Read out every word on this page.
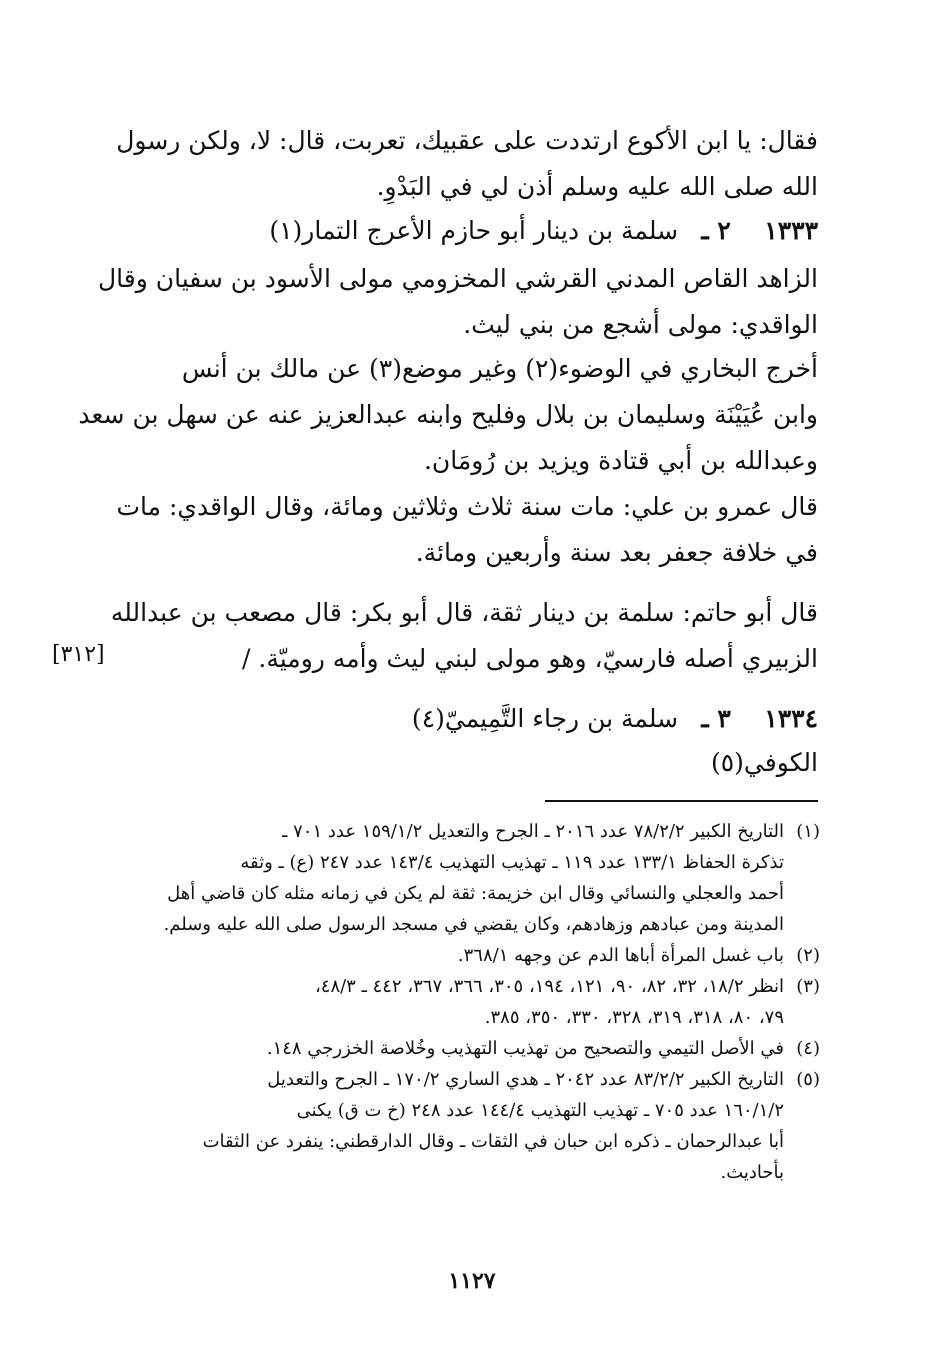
فقال: يا ابن الأكوع ارتددت على عقبيك، تعربت، قال: لا، ولكن رسول
الله صلى الله عليه وسلم أذن لي في البَدْوِ.
١٣٣٣ ٢ ـ سلمة بن دينار أبو حازم الأعرج التمار(١)
الزاهد القاص المدني القرشي المخزومي مولى الأسود بن سفيان وقال
الواقدي: مولى أشجع من بني ليث.
أخرج البخاري في الوضوء(٢) وغير موضع(٣) عن مالك بن أنس
وابن عُيَيْنَة وسليمان بن بلال وفليح وابنه عبدالعزيز عنه عن سهل بن سعد
وعبدالله بن أبي قتادة ويزيد بن رُومَان.
قال عمرو بن علي: مات سنة ثلاث وثلاثين ومائة، وقال الواقدي: مات
في خلافة جعفر بعد سنة وأربعين ومائة.
قال أبو حاتم: سلمة بن دينار ثقة، قال أبو بكر: قال مصعب بن عبدالله
الزبيري أصله فارسيّ، وهو مولى لبني ليث وأمه روميّة. /
[٣١٢]
١٣٣٤ ٣ ـ سلمة بن رجاء التَّمِيميّ(٤)
الكوفي(٥)
(١)
التاريخ الكبير ٧٨/٢/٢ عدد ٢٠١٦ ـ الجرح والتعديل ١٥٩/١/٢ عدد ٧٠١ ـ
تذكرة الحفاظ ١٣٣/١ عدد ١١٩ ـ تهذيب التهذيب ١٤٣/٤ عدد ٢٤٧ (ع) ـ وثقه
أحمد والعجلي والنسائي وقال ابن خزيمة: ثقة لم يكن في زمانه مثله كان قاضي أهل
المدينة ومن عبادهم وزهادهم، وكان يقضي في مسجد الرسول صلى الله عليه وسلم.
(٢)
باب غسل المرأة أباها الدم عن وجهه ٣٦٨/١.
(٣)
انظر ١٨/٢، ٣٢، ٨٢، ٩٠، ١٢١، ١٩٤، ٣٠٥، ٣٦٦، ٣٦٧، ٤٤٢ ـ ٤٨/٣،
٧٩، ٨٠، ٣١٨، ٣١٩، ٣٢٨، ٣٣٠، ٣٥٠، ٣٨٥.
(٤)
في الأصل التيمي والتصحيح من تهذيب التهذيب وخُلاصة الخزرجي ١٤٨.
(٥)
التاريخ الكبير ٨٣/٢/٢ عدد ٢٠٤٢ ـ هدي الساري ١٧٠/٢ ـ الجرح والتعديل
١٦٠/١/٢ عدد ٧٠٥ ـ تهذيب التهذيب ١٤٤/٤ عدد ٢٤٨ (خ ت ق) يكنى
أبا عبدالرحمان ـ ذكره ابن حبان في الثقات ـ وقال الدارقطني: ينفرد عن الثقات
بأحاديث.
١١٢٧
